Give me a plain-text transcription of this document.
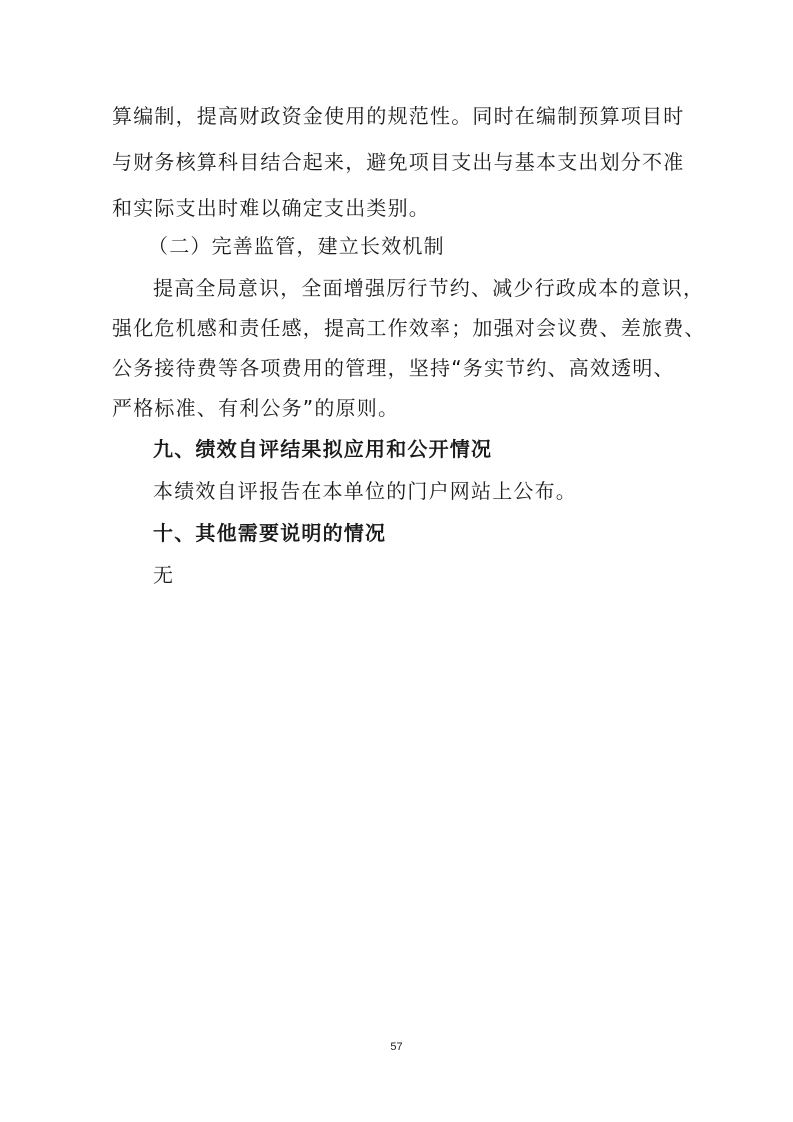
算编制，提高财政资金使用的规范性。同时在编制预算项目时
与财务核算科目结合起来，避免项目支出与基本支出划分不准
和实际支出时难以确定支出类别。
（二）完善监管，建立长效机制
提高全局意识，全面增强厉行节约、减少行政成本的意识，
强化危机感和责任感，提高工作效率；加强对会议费、差旅费、
公务接待费等各项费用的管理，坚持“务实节约、高效透明、
严格标准、有利公务”的原则。
九、绩效自评结果拟应用和公开情况
本绩效自评报告在本单位的门户网站上公布。
十、其他需要说明的情况
无
57
